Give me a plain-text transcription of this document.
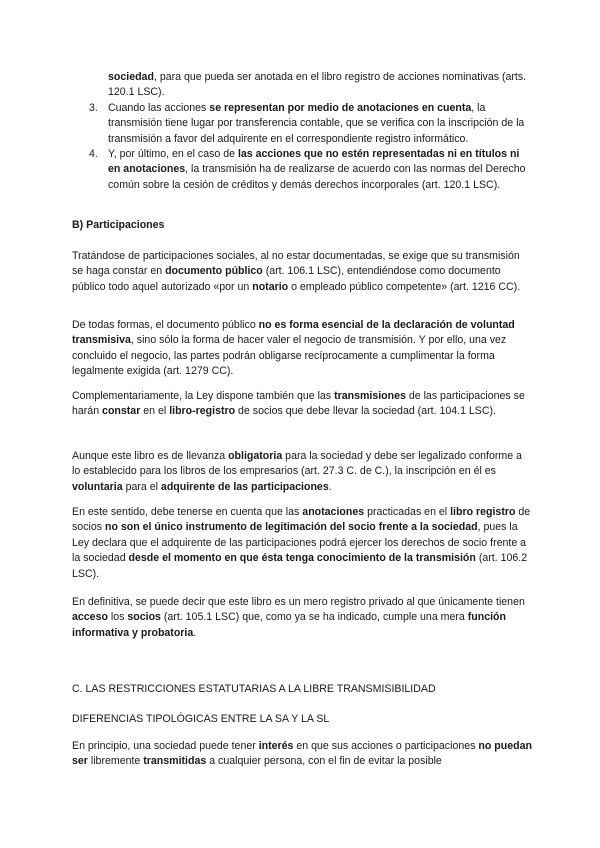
sociedad, para que pueda ser anotada en el libro registro de acciones nominativas (arts. 120.1 LSC).

3. Cuando las acciones se representan por medio de anotaciones en cuenta, la transmisión tiene lugar por transferencia contable, que se verifica con la inscripción de la transmisión a favor del adquirente en el correspondiente registro informático.

4. Y, por último, en el caso de las acciones que no estén representadas ni en títulos ni en anotaciones, la transmisión ha de realizarse de acuerdo con las normas del Derecho común sobre la cesión de créditos y demás derechos incorporales (art. 120.1 LSC).

B) Participaciones

Tratándose de participaciones sociales, al no estar documentadas, se exige que su transmisión se haga constar en documento público (art. 106.1 LSC), entendiéndose como documento público todo aquel autorizado «por un notario o empleado público competente» (art. 1216 CC).

De todas formas, el documento público no es forma esencial de la declaración de voluntad transmisiva, sino sólo la forma de hacer valer el negocio de transmisión. Y por ello, una vez concluido el negocio, las partes podrán obligarse recíprocamente a cumplimentar la forma legalmente exigida (art. 1279 CC).

Complementariamente, la Ley dispone también que las transmisiones de las participaciones se harán constar en el libro-registro de socios que debe llevar la sociedad (art. 104.1 LSC).

Aunque este libro es de llevanza obligatoria para la sociedad y debe ser legalizado conforme a lo establecido para los libros de los empresarios (art. 27.3 C. de C.), la inscripción en él es voluntaria para el adquirente de las participaciones.

En este sentido, debe tenerse en cuenta que las anotaciones practicadas en el libro registro de socios no son el único instrumento de legitimación del socio frente a la sociedad, pues la Ley declara que el adquirente de las participaciones podrá ejercer los derechos de socio frente a la sociedad desde el momento en que ésta tenga conocimiento de la transmisión (art. 106.2 LSC).

En definitiva, se puede decir que este libro es un mero registro privado al que únicamente tienen acceso los socios (art. 105.1 LSC) que, como ya se ha indicado, cumple una mera función informativa y probatoria.

C. LAS RESTRICCIONES ESTATUTARIAS A LA LIBRE TRANSMISIBILIDAD

DIFERENCIAS TIPOLÓGICAS ENTRE LA SA Y LA SL

En principio, una sociedad puede tener interés en que sus acciones o participaciones no puedan ser libremente transmitidas a cualquier persona, con el fin de evitar la posible
